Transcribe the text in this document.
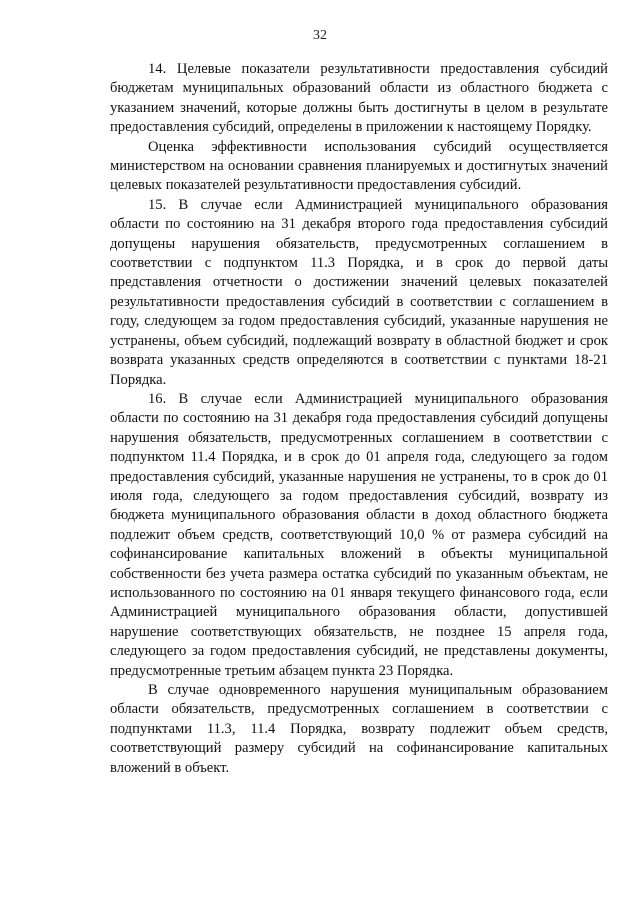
32

14. Целевые показатели результативности предоставления субсидий бюджетам муниципальных образований области из областного бюджета с указанием значений, которые должны быть достигнуты в целом в результате предоставления субсидий, определены в приложении к настоящему Порядку.

Оценка эффективности использования субсидий осуществляется министерством на основании сравнения планируемых и достигнутых значений целевых показателей результативности предоставления субсидий.

15. В случае если Администрацией муниципального образования области по состоянию на 31 декабря второго года предоставления субсидий допущены нарушения обязательств, предусмотренных соглашением в соответствии с подпунктом 11.3 Порядка, и в срок до первой даты представления отчетности о достижении значений целевых показателей результативности предоставления субсидий в соответствии с соглашением в году, следующем за годом предоставления субсидий, указанные нарушения не устранены, объем субсидий, подлежащий возврату в областной бюджет и срок возврата указанных средств определяются в соответствии с пунктами 18-21 Порядка.

16. В случае если Администрацией муниципального образования области по состоянию на 31 декабря года предоставления субсидий допущены нарушения обязательств, предусмотренных соглашением в соответствии с подпунктом 11.4 Порядка, и в срок до 01 апреля года, следующего за годом предоставления субсидий, указанные нарушения не устранены, то в срок до 01 июля года, следующего за годом предоставления субсидий, возврату из бюджета муниципального образования области в доход областного бюджета подлежит объем средств, соответствующий 10,0 % от размера субсидий на софинансирование капитальных вложений в объекты муниципальной собственности без учета размера остатка субсидий по указанным объектам, не использованного по состоянию на 01 января текущего финансового года, если Администрацией муниципального образования области, допустившей нарушение соответствующих обязательств, не позднее 15 апреля года, следующего за годом предоставления субсидий, не представлены документы, предусмотренные третьим абзацем пункта 23 Порядка.

В случае одновременного нарушения муниципальным образованием области обязательств, предусмотренных соглашением в соответствии с подпунктами 11.3, 11.4 Порядка, возврату подлежит объем средств, соответствующий размеру субсидий на софинансирование капитальных вложений в объект.
